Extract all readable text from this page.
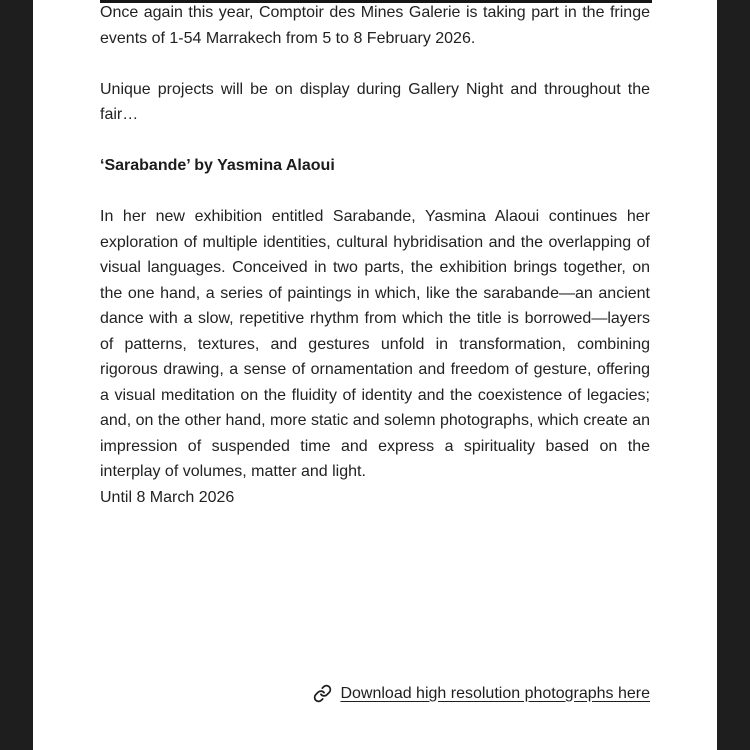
Once again this year, Comptoir des Mines Galerie is taking part in the fringe events of 1-54 Marrakech from 5 to 8 February 2026.

Unique projects will be on display during Gallery Night and throughout the fair…

‘Sarabande’ by Yasmina Alaoui

In her new exhibition entitled Sarabande, Yasmina Alaoui continues her exploration of multiple identities, cultural hybridisation and the overlapping of visual languages. Conceived in two parts, the exhibition brings together, on the one hand, a series of paintings in which, like the sarabande—an ancient dance with a slow, repetitive rhythm from which the title is borrowed—layers of patterns, textures, and gestures unfold in transformation, combining rigorous drawing, a sense of ornamentation and freedom of gesture, offering a visual meditation on the fluidity of identity and the coexistence of legacies; and, on the other hand, more static and solemn photographs, which create an impression of suspended time and express a spirituality based on the interplay of volumes, matter and light.

Until 8 March 2026

Download high resolution photographs here
